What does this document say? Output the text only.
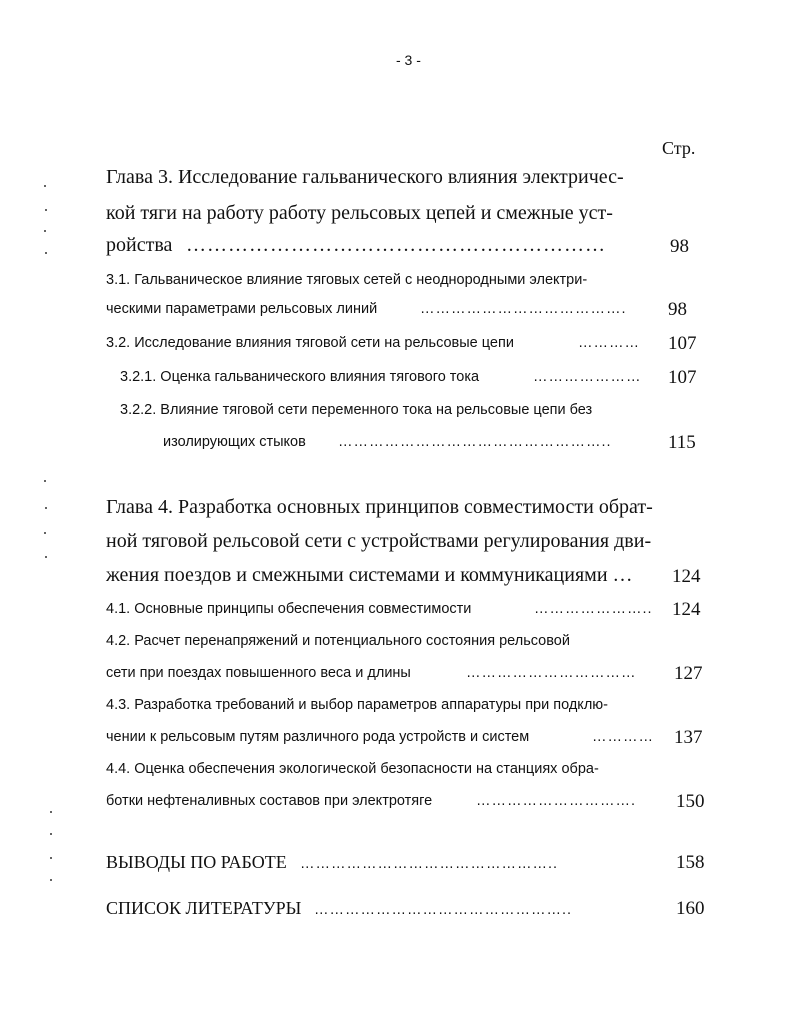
- 3 -
Стр.
Глава 3. Исследование гальванического влияния электричес-
кой тяги на работу работу рельсовых цепей и смежные уст-
ройства ……………………………………………………	98
3.1. Гальваническое влияние тяговых сетей с неоднородными электри-
ческими параметрами рельсовых линий	………………………………….	98
3.2. Исследование влияния тяговой сети на рельсовые цепи	…………	107
3.2.1. Оценка гальванического влияния тягового тока	…………………	107
3.2.2. Влияние тяговой сети переменного тока на рельсовые цепи без
изолирующих стыков ……………………………………………..	115
Глава 4. Разработка основных принципов совместимости обрат-
ной тяговой рельсовой сети с устройствами регулирования дви-
жения поездов и смежными системами и коммуникациями … 124
4.1. Основные принципы обеспечения совместимости	…………………..	124
4.2. Расчет перенапряжений и потенциального состояния рельсовой
сети при поездах повышенного веса и длины	……………………………	127
4.3. Разработка требований и выбор параметров аппаратуры при подклю-
чении к рельсовым путям различного рода устройств и систем	…………	137
4.4. Оценка обеспечения экологической безопасности на станциях обра-
ботки нефтеналивных составов при электротяге	………………………….	150
ВЫВОДЫ ПО РАБОТЕ …………………………………………..	158
СПИСОК ЛИТЕРАТУРЫ …………………………………………..	160
